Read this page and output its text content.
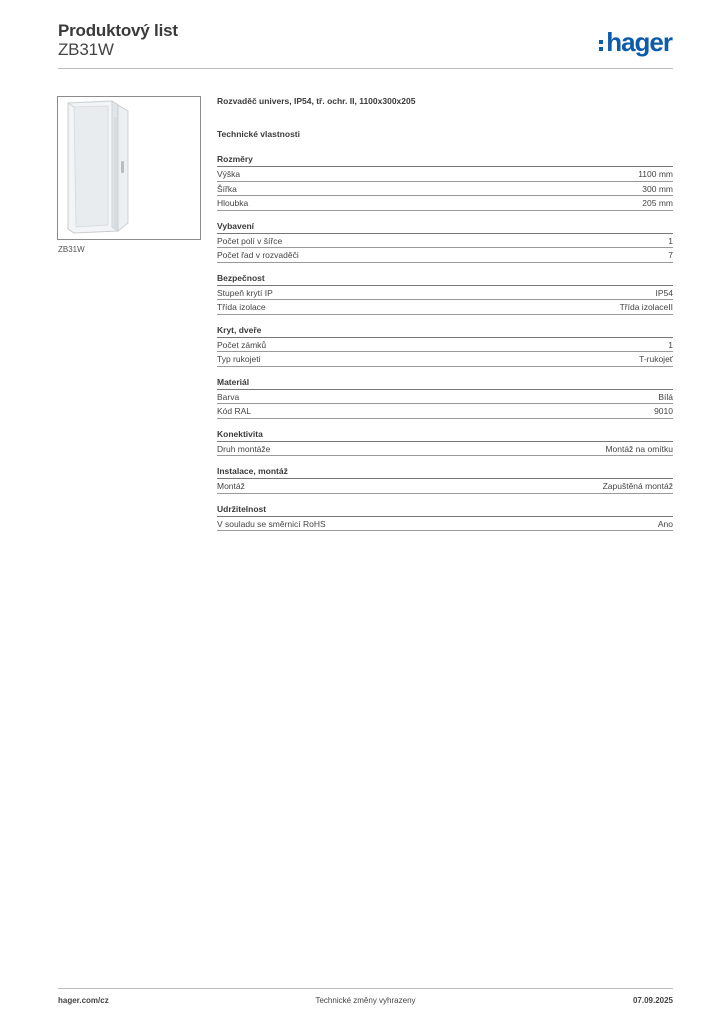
Produktový list
ZB31W	hager
ZB31W
Rozvaděč univers, IP54, tř. ochr. II, 1100x300x205
Technické vlastnosti
Rozměry
Výška	1100 mm
Šířka	300 mm
Hloubka	205 mm
Vybavení
Počet polí v šířce	1
Počet řad v rozvaděči	7
Bezpečnost
Stupeň krytí IP	IP54
Třída izolace	Třída izolaceII
Kryt, dveře
Počet zámků	1
Typ rukojeti	T-rukojeť
Materiál
Barva	Bílá
Kód RAL	9010
Konektivita
Druh montáže	Montáž na omítku
Instalace, montáž
Montáž	Zapuštěná montáž
Udržitelnost
V souladu se směrnicí RoHS	Ano
hager.com/cz	Technické změny vyhrazeny	07.09.2025
